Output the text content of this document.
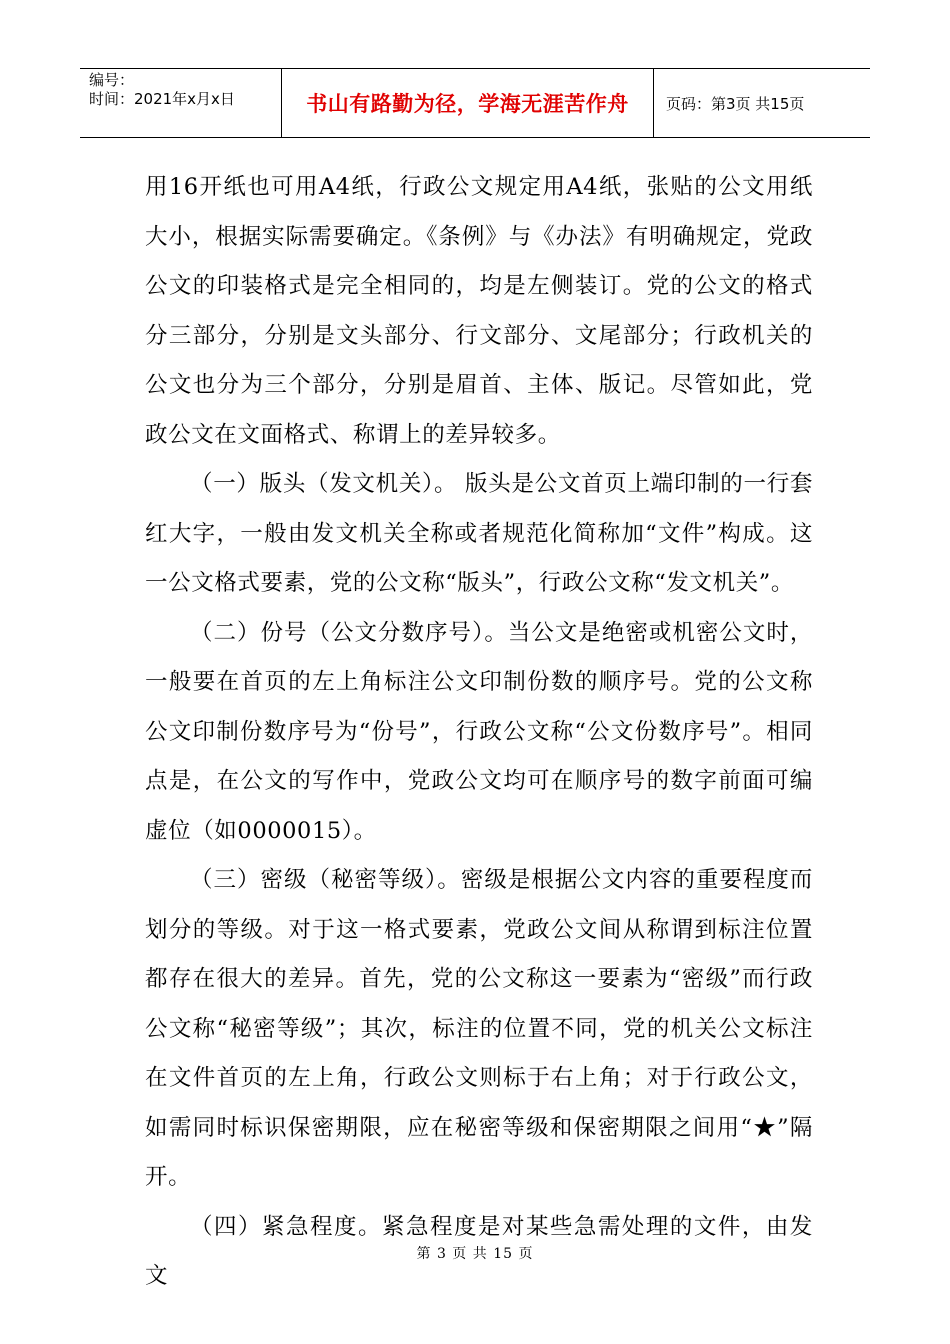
编号：
时间：2021年x月x日	书山有路勤为径，学海无涯苦作舟	页码：第3页 共15页

用16开纸也可用A4纸，行政公文规定用A4纸，张贴的公文用纸大小，根据实际需要确定。《条例》与《办法》有明确规定，党政公文的印装格式是完全相同的，均是左侧装订。党的公文的格式分三部分，分别是文头部分、行文部分、文尾部分；行政机关的公文也分为三个部分，分别是眉首、主体、版记。尽管如此，党政公文在文面格式、称谓上的差异较多。

（一）版头（发文机关）。 版头是公文首页上端印制的一行套红大字，一般由发文机关全称或者规范化简称加“文件”构成。这一公文格式要素，党的公文称“版头”，行政公文称“发文机关”。

（二）份号（公文分数序号）。当公文是绝密或机密公文时，一般要在首页的左上角标注公文印制份数的顺序号。党的公文称公文印制份数序号为“份号”，行政公文称“公文份数序号”。相同点是，在公文的写作中，党政公文均可在顺序号的数字前面可编虚位（如0000015）。

（三）密级（秘密等级）。密级是根据公文内容的重要程度而划分的等级。对于这一格式要素，党政公文间从称谓到标注位置都存在很大的差异。首先，党的公文称这一要素为“密级”而行政公文称“秘密等级”；其次，标注的位置不同，党的机关公文标注在文件首页的左上角，行政公文则标于右上角；对于行政公文，如需同时标识保密期限，应在秘密等级和保密期限之间用“★”隔开。

（四）紧急程度。紧急程度是对某些急需处理的文件，由发文

第 3 页 共 15 页
